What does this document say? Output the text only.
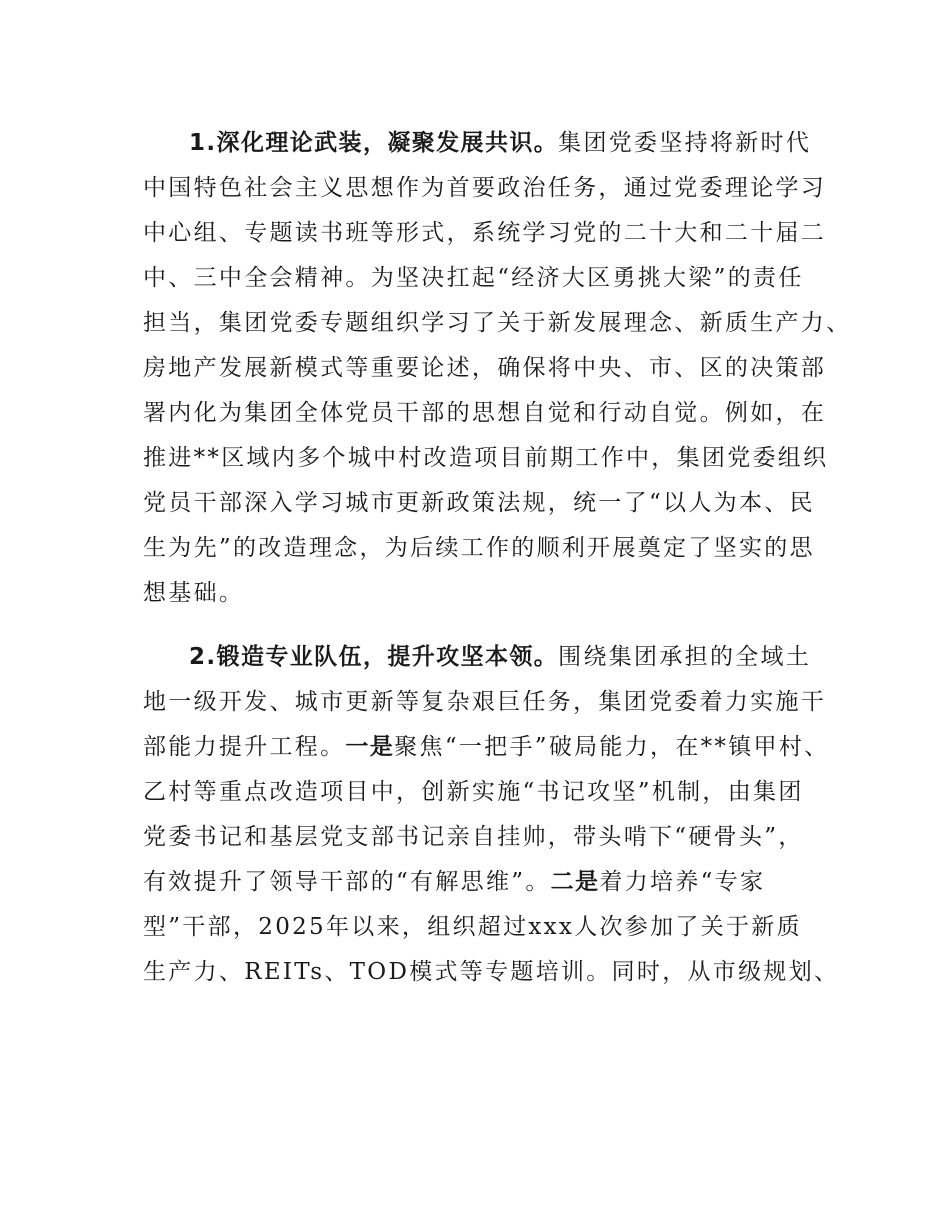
1.深化理论武装，凝聚发展共识。集团党委坚持将新时代
中国特色社会主义思想作为首要政治任务，通过党委理论学习
中心组、专题读书班等形式，系统学习党的二十大和二十届二
中、三中全会精神。为坚决扛起“经济大区勇挑大梁”的责任
担当，集团党委专题组织学习了关于新发展理念、新质生产力、
房地产发展新模式等重要论述，确保将中央、市、区的决策部
署内化为集团全体党员干部的思想自觉和行动自觉。例如，在
推进**区域内多个城中村改造项目前期工作中，集团党委组织
党员干部深入学习城市更新政策法规，统一了“以人为本、民
生为先”的改造理念，为后续工作的顺利开展奠定了坚实的思
想基础。

2.锻造专业队伍，提升攻坚本领。围绕集团承担的全域土
地一级开发、城市更新等复杂艰巨任务，集团党委着力实施干
部能力提升工程。一是聚焦“一把手”破局能力，在**镇甲村、
乙村等重点改造项目中，创新实施“书记攻坚”机制，由集团
党委书记和基层党支部书记亲自挂帅，带头啃下“硬骨头”，
有效提升了领导干部的“有解思维”。二是着力培养“专家
型”干部，2025年以来，组织超过xxx人次参加了关于新质
生产力、REITs、TOD模式等专题培训。同时，从市级规划、
